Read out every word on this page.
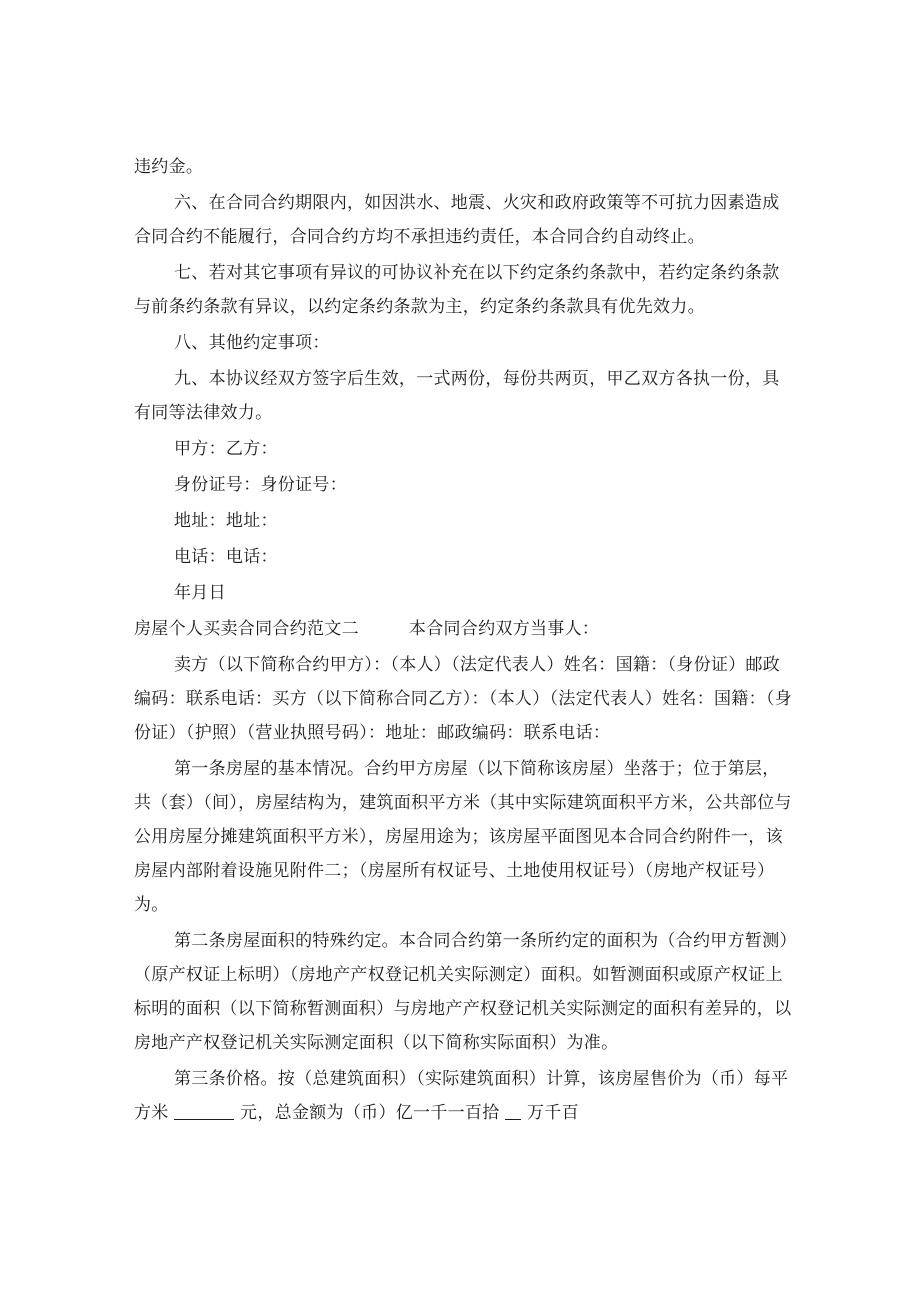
违约金。

六、在合同合约期限内，如因洪水、地震、火灾和政府政策等不可抗力因素造成合同合约不能履行，合同合约方均不承担违约责任，本合同合约自动终止。

七、若对其它事项有异议的可协议补充在以下约定条约条款中，若约定条约条款与前条约条款有异议，以约定条约条款为主，约定条约条款具有优先效力。

八、其他约定事项：

九、本协议经双方签字后生效，一式两份，每份共两页，甲乙双方各执一份，具有同等法律效力。

甲方：乙方：

身份证号：身份证号：

地址：地址：

电话：电话：

年月日

房屋个人买卖合同合约范文二	本合同合约双方当事人：

卖方（以下简称合约甲方）：（本人）（法定代表人）姓名：国籍：（身份证）邮政编码：联系电话：买方（以下简称合同乙方）：（本人）（法定代表人）姓名：国籍：（身份证）（护照）（营业执照号码）：地址：邮政编码：联系电话：

第一条房屋的基本情况。合约甲方房屋（以下简称该房屋）坐落于；位于第层，共（套）（间），房屋结构为，建筑面积平方米（其中实际建筑面积平方米，公共部位与公用房屋分摊建筑面积平方米），房屋用途为；该房屋平面图见本合同合约附件一，该房屋内部附着设施见附件二；（房屋所有权证号、土地使用权证号）（房地产权证号）为。

第二条房屋面积的特殊约定。本合同合约第一条所约定的面积为（合约甲方暂测）（原产权证上标明）（房地产产权登记机关实际测定）面积。如暂测面积或原产权证上标明的面积（以下简称暂测面积）与房地产产权登记机关实际测定的面积有差异的，以房地产产权登记机关实际测定面积（以下简称实际面积）为准。

第三条价格。按（总建筑面积）（实际建筑面积）计算，该房屋售价为（币）每平方米	元，总金额为（币）亿一千一百拾 万千百
